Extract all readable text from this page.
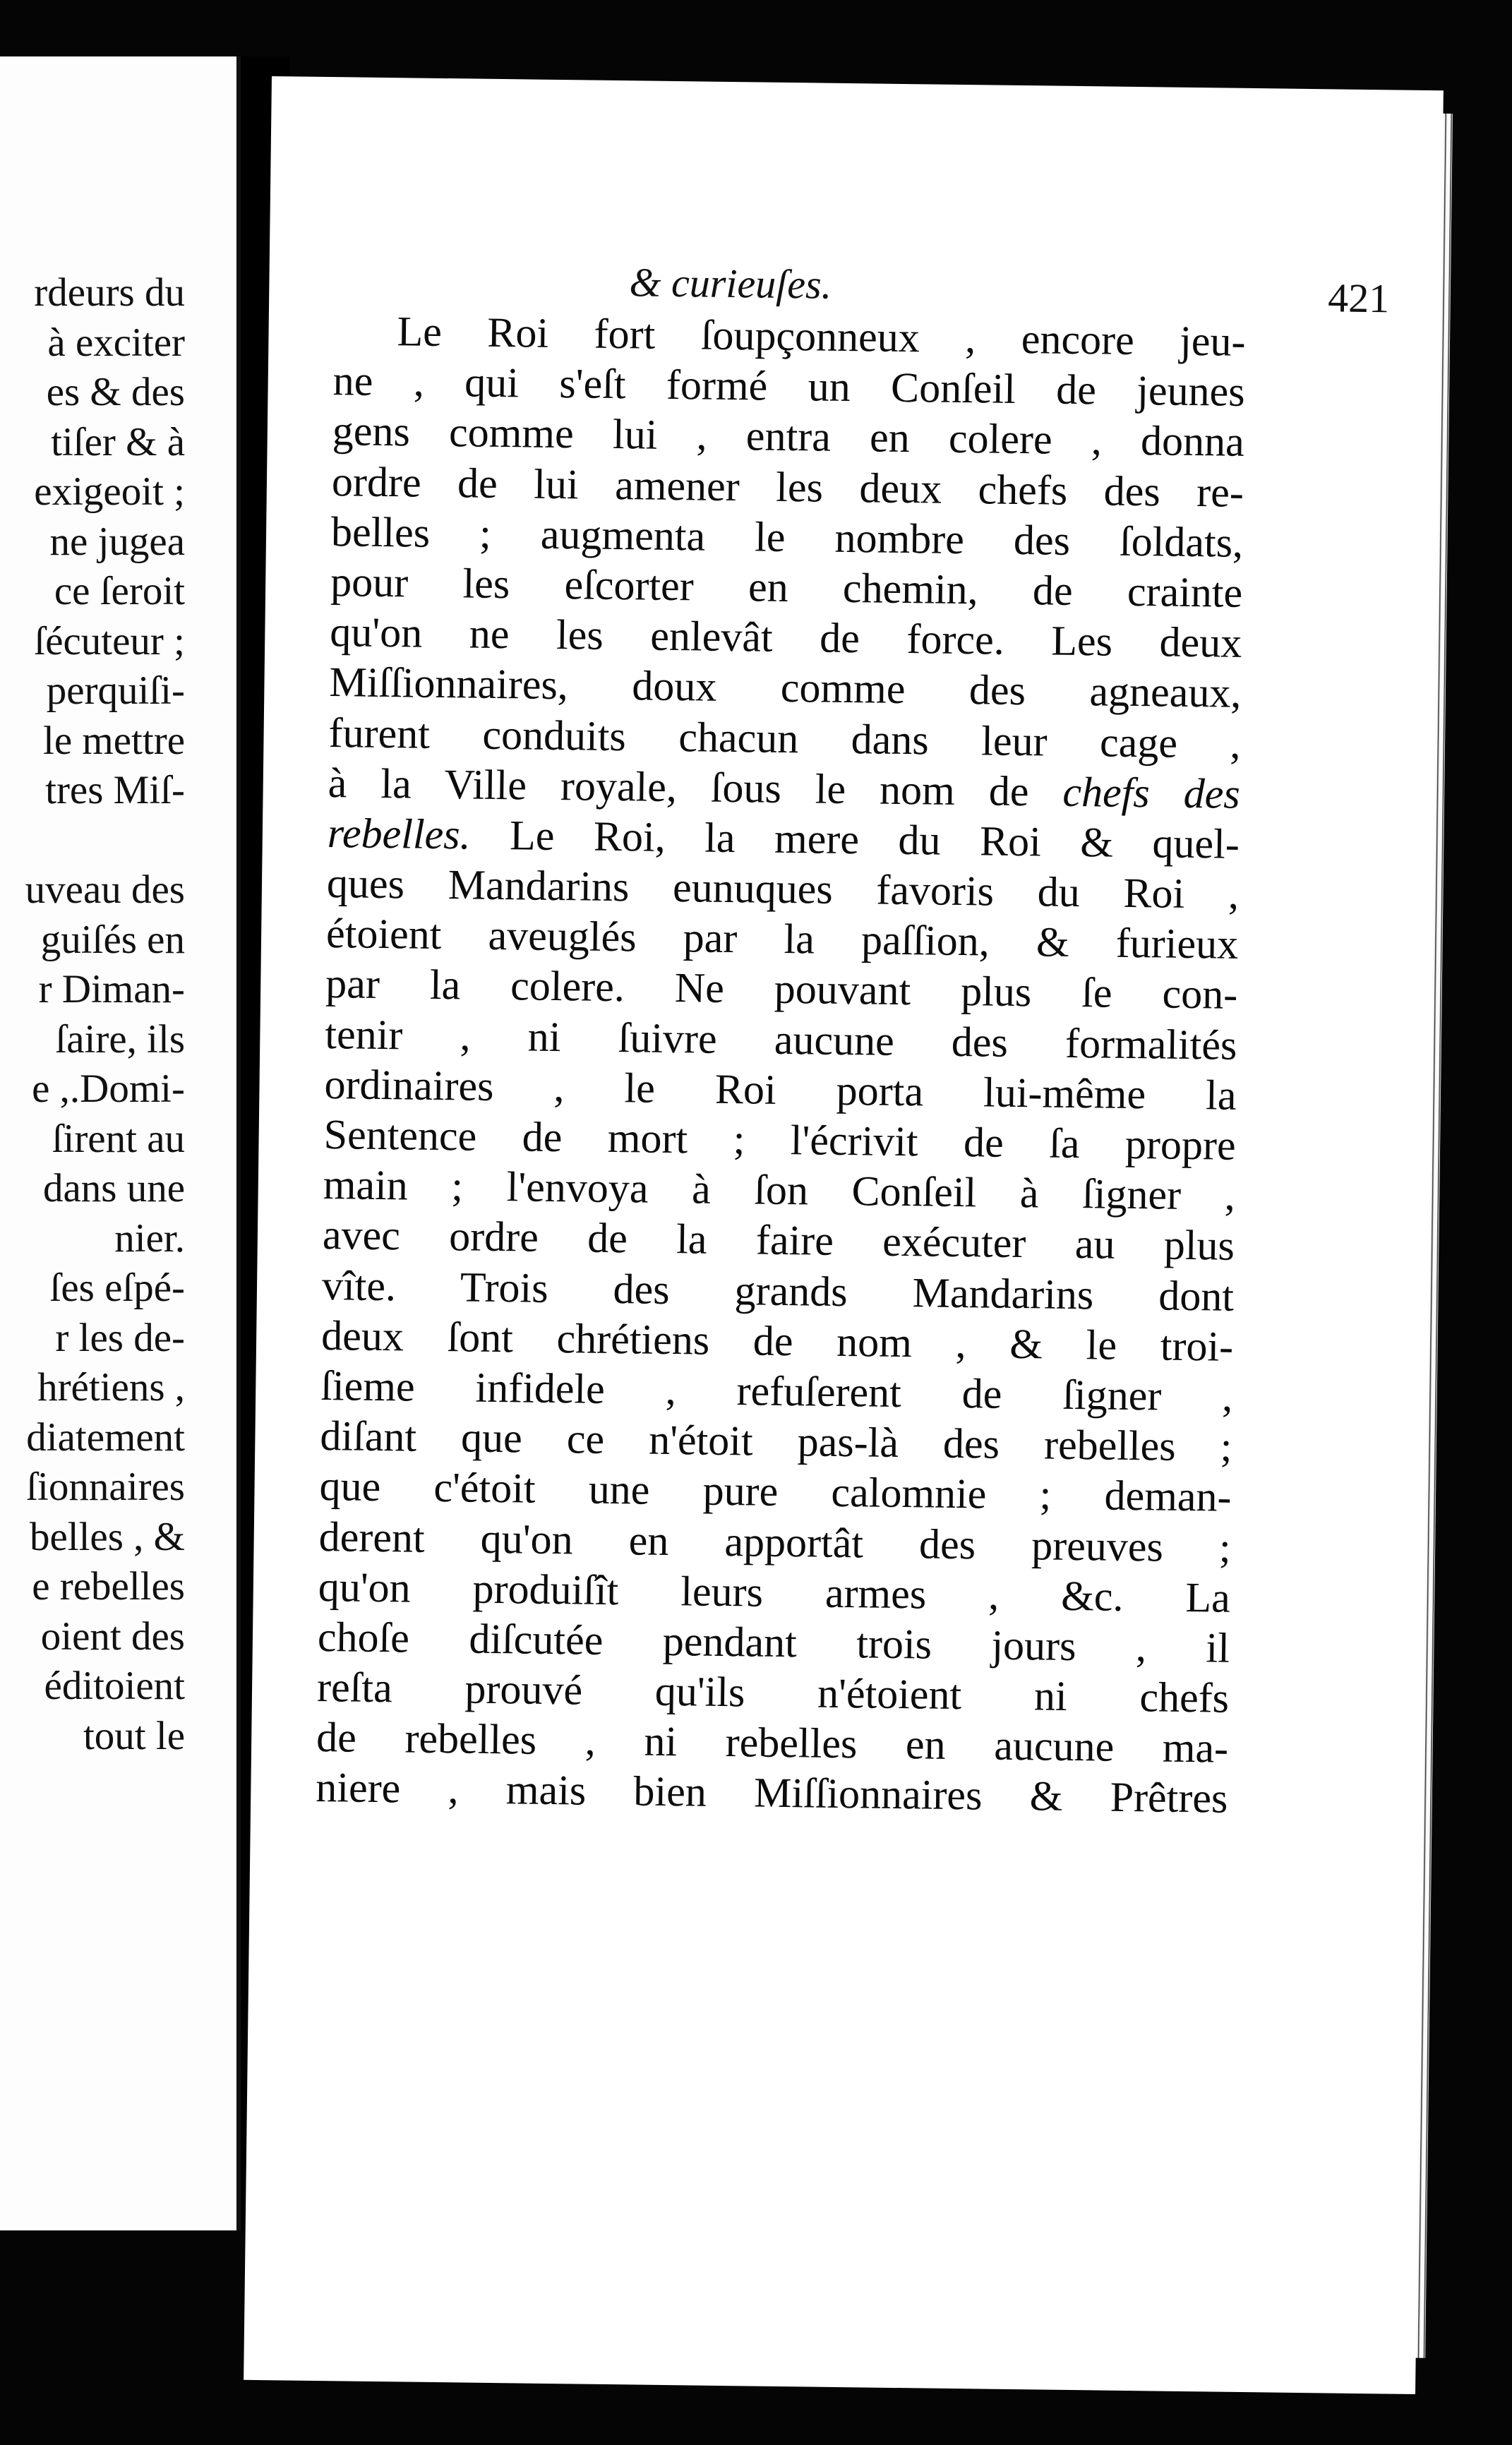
rdeurs du
à exciter
es & des
tiſer & à
exigeoit ;
ne jugea
ce ſeroit
ſécuteur ;
perquiſi-
le mettre
tres Miſ-
uveau des
guiſés en
r Diman-
ſaire, ils
e ,.Domi-
ſirent au
dans une
nier.
ſes eſpé-
r les de-
hrétiens ,
diatement
ſionnaires
belles , &
e rebelles
oient des
éditoient
tout le
& curieuſes.	421
Le Roi fort ſoupçonneux , encore jeu-
ne , qui s'eſt formé un Conſeil de jeunes
gens comme lui , entra en colere , donna
ordre de lui amener les deux chefs des re-
belles ; augmenta le nombre des ſoldats,
pour les eſcorter en chemin, de crainte
qu'on ne les enlevât de force. Les deux
Miſſionnaires, doux comme des agneaux,
furent conduits chacun dans leur cage ,
à la Ville royale, ſous le nom de chefs des
rebelles. Le Roi, la mere du Roi & quel-
ques Mandarins eunuques favoris du Roi ,
étoient aveuglés par la paſſion, & furieux
par la colere. Ne pouvant plus ſe con-
tenir , ni ſuivre aucune des formalités
ordinaires , le Roi porta lui-même la
Sentence de mort ; l'écrivit de ſa propre
main ; l'envoya à ſon Conſeil à ſigner ,
avec ordre de la faire exécuter au plus
vîte. Trois des grands Mandarins dont
deux ſont chrétiens de nom , & le troi-
ſieme infidele , refuſerent de ſigner ,
diſant que ce n'étoit pas-là des rebelles ;
que c'étoit une pure calomnie ; deman-
derent qu'on en apportât des preuves ;
qu'on produiſît leurs armes , &c. La
choſe diſcutée pendant trois jours , il
reſta prouvé qu'ils n'étoient ni chefs
de rebelles , ni rebelles en aucune ma-
niere , mais bien Miſſionnaires & Prêtres
